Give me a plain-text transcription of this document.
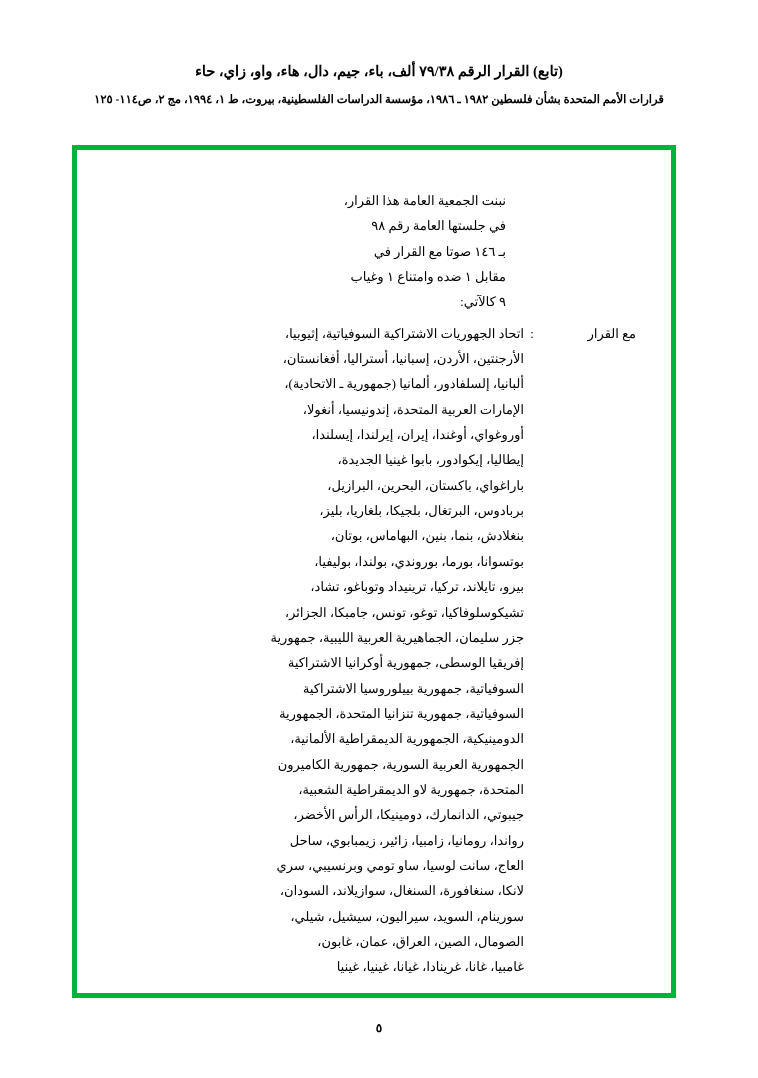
(تابع) القرار الرقم ٧٩/٣٨ ألف، باء، جيم، دال، هاء، واو، زاي، حاء
قرارات الأمم المتحدة بشأن فلسطين ١٩٨٢ ـ ١٩٨٦، مؤسسة الدراسات الفلسطينية، بيروت، ط ١، ١٩٩٤، مج ٢، ص١١٤- ١٢٥
نبنت الجمعية العامة هذا القرار،
في جلستها العامة رقم ٩٨
بـ ١٤٦ صوتا مع القرار في
مقابل ١ ضده وامتناع ١ وغياب
٩ كالآتي:
مع القرار
:
اتحاد الجهوريات الاشتراكية السوفياتية، إثيوبيا،
الأرجنتين، الأردن، إسبانيا، أستراليا، أفغانستان،
ألبانيا، إلسلفادور، ألمانيا (جمهورية ـ الاتحادية)،
الإمارات العربية المتحدة، إندونيسيا، أنغولا،
أوروغواي، أوغندا، إيران، إيرلندا، إيسلندا،
إيطاليا، إيكوادور، بابوا غينيا الجديدة،
باراغواي، باكستان، البحرين، البرازيل،
بربادوس، البرتغال، بلجيكا، بلغاريا، بليز،
بنغلادش، بنما، بنين، البهاماس، بوتان،
بوتسوانا، بورما، بوروندي، بولندا، بوليفيا،
بيرو، تايلاند، تركيا، ترينيداد وتوباغو، تشاد،
تشيكوسلوفاكيا، توغو، تونس، جامبكا، الجزائر،
جزر سليمان، الجماهيرية العربية الليبية، جمهورية
إفريقيا الوسطى، جمهورية أوكرانيا الاشتراكية
السوفياتية، جمهورية بييلوروسيا الاشتراكية
السوفياتية، جمهورية تنزانيا المتحدة، الجمهورية
الدومينيكية، الجمهورية الديمقراطية الألمانية،
الجمهورية العربية السورية، جمهورية الكاميرون
المتحدة، جمهورية لاو الديمقراطية الشعبية،
جيبوتي، الدانمارك، دومينيكا، الرأس الأخضر،
رواندا، رومانيا، زامبيا، زائير، زيمبابوي، ساحل
العاج، سانت لوسيا، ساو تومي وبرنسيبي، سري
لانكا، سنغافورة، السنغال، سوازيلاند، السودان،
سورينام، السويد، سيراليون، سيشيل، شيلي،
الصومال، الصين، العراق، عمان، غابون،
غامبيا، غانا، غرينادا، غيانا، غينيا، غينيا
٥
